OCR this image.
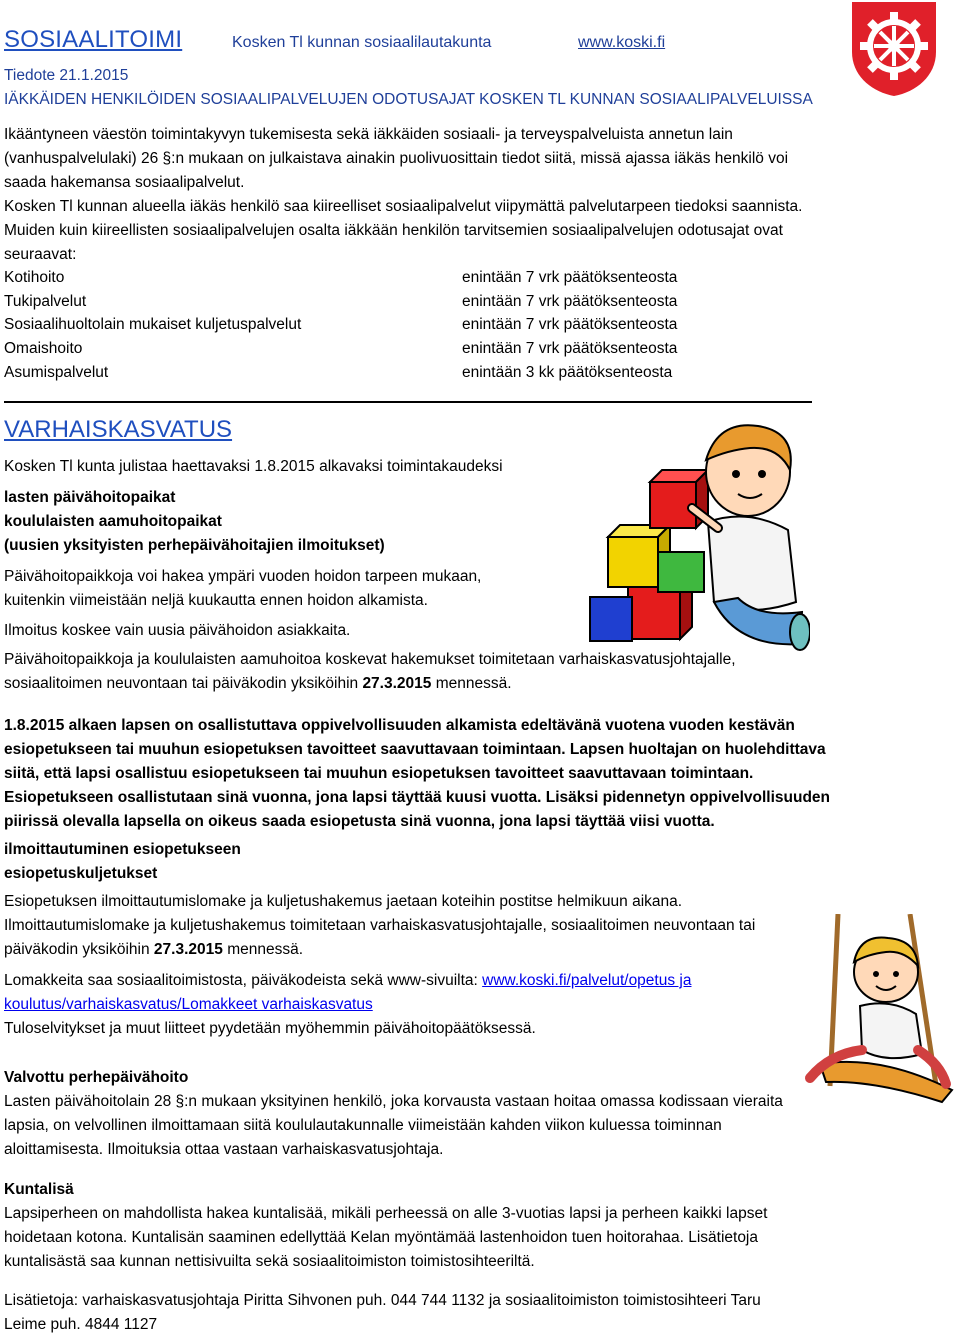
SOSIAALITOIMI	Kosken Tl kunnan sosiaalilautakunta	www.koski.fi
Tiedote 21.1.2015
IÄKKÄIDEN HENKILÖIDEN SOSIAALIPALVELUJEN ODOTUSAJAT KOSKEN TL KUNNAN SOSIAALIPALVELUISSA

Ikääntyneen väestön toimintakyvyn tukemisesta sekä iäkkäiden sosiaali- ja terveyspalveluista annetun lain

(vanhuspalvelulaki) 26 §:n mukaan on julkaistava ainakin puolivuosittain tiedot siitä, missä ajassa iäkäs henkilö voi

saada hakemansa sosiaalipalvelut.

Kosken Tl kunnan alueella iäkäs henkilö saa kiireelliset sosiaalipalvelut viipymättä palvelutarpeen tiedoksi saannista.

Muiden kuin kiireellisten sosiaalipalvelujen osalta iäkkään henkilön tarvitsemien sosiaalipalvelujen odotusajat ovat

seuraavat:

Kotihoito	enintään 7 vrk päätöksenteosta
Tukipalvelut	enintään 7 vrk päätöksenteosta
Sosiaalihuoltolain mukaiset kuljetuspalvelut	enintään 7 vrk päätöksenteosta
Omaishoito	enintään 7 vrk päätöksenteosta
Asumispalvelut	enintään 3 kk päätöksenteosta
VARHAISKASVATUS

Kosken Tl kunta julistaa haettavaksi 1.8.2015 alkavaksi toimintakaudeksi

lasten päivähoitopaikat

koululaisten aamuhoitopaikat

(uusien yksityisten perhepäivähoitajien ilmoitukset)

Päivähoitopaikkoja voi hakea ympäri vuoden hoidon tarpeen mukaan,

kuitenkin viimeistään neljä kuukautta ennen hoidon alkamista.

Ilmoitus koskee vain uusia päivähoidon asiakkaita.

Päivähoitopaikkoja ja koululaisten aamuhoitoa koskevat hakemukset toimitetaan varhaiskasvatusjohtajalle,

sosiaalitoimen neuvontaan tai päiväkodin yksiköihin 27.3.2015 mennessä.

1.8.2015 alkaen lapsen on osallistuttava oppivelvollisuuden alkamista edeltävänä vuotena vuoden kestävän

esiopetukseen tai muuhun esiopetuksen tavoitteet saavuttavaan toimintaan. Lapsen huoltajan on huolehdittava

siitä, että lapsi osallistuu esiopetukseen tai muuhun esiopetuksen tavoitteet saavuttavaan toimintaan.

Esiopetukseen osallistutaan sinä vuonna, jona lapsi täyttää kuusi vuotta. Lisäksi pidennetyn oppivelvollisuuden

piirissä olevalla lapsella on oikeus saada esiopetusta sinä vuonna, jona lapsi täyttää viisi vuotta.

ilmoittautuminen esiopetukseen

esiopetuskuljetukset

Esiopetuksen ilmoittautumislomake ja kuljetushakemus jaetaan koteihin postitse helmikuun aikana.

Ilmoittautumislomake ja kuljetushakemus toimitetaan varhaiskasvatusjohtajalle, sosiaalitoimen neuvontaan tai

päiväkodin yksiköihin 27.3.2015 mennessä.

Lomakkeita saa sosiaalitoimistosta, päiväkodeista sekä www-sivuilta: www.koski.fi/palvelut/opetus ja

koulutus/varhaiskasvatus/Lomakkeet varhaiskasvatus

Tuloselvitykset ja muut liitteet pyydetään myöhemmin päivähoitopäätöksessä.

Valvottu perhepäivähoito

Lasten päivähoitolain 28 §:n mukaan yksityinen henkilö, joka korvausta vastaan hoitaa omassa kodissaan vieraita

lapsia, on velvollinen ilmoittamaan siitä koululautakunnalle viimeistään kahden viikon kuluessa toiminnan

aloittamisesta. Ilmoituksia ottaa vastaan varhaiskasvatusjohtaja.

Kuntalisä

Lapsiperheen on mahdollista hakea kuntalisää, mikäli perheessä on alle 3-vuotias lapsi ja perheen kaikki lapset

hoidetaan kotona. Kuntalisän saaminen edellyttää Kelan myöntämää lastenhoidon tuen hoitorahaa. Lisätietoja

kuntalisästä saa kunnan nettisivuilta sekä sosiaalitoimiston toimistosihteeriltä.

Lisätietoja: varhaiskasvatusjohtaja Piritta Sihvonen puh. 044 744 1132 ja sosiaalitoimiston toimistosihteeri Taru

Leime puh. 4844 1127
